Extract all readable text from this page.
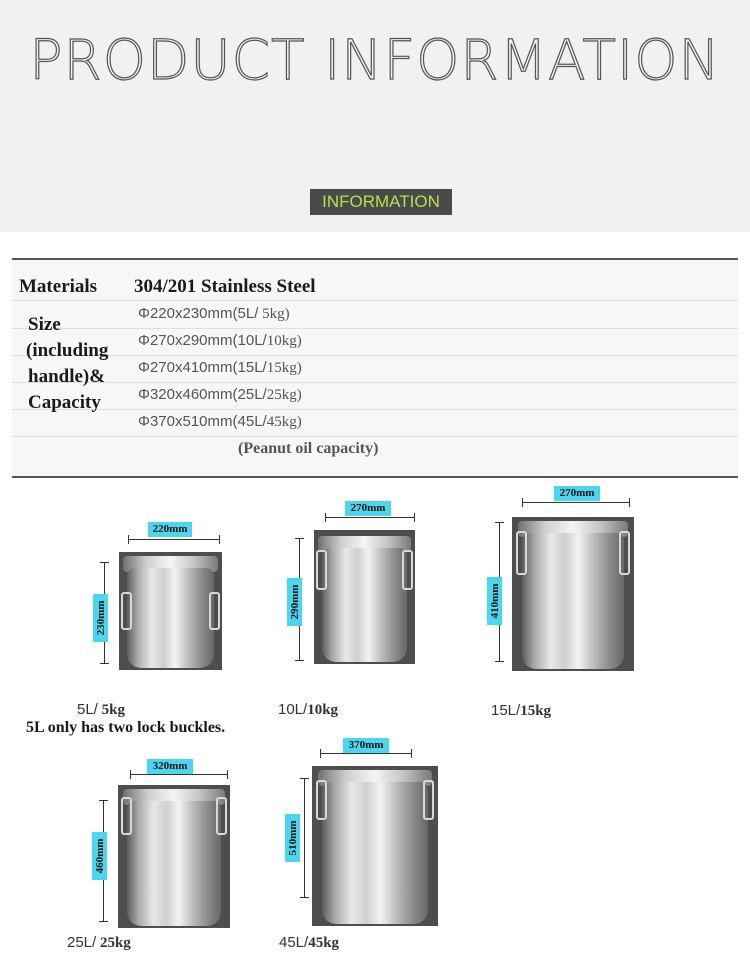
PRODUCT INFORMATION
INFORMATION
Materials 304/201 Stainless Steel
Size
(including
handle)&
Capacity
Φ220x230mm(5L/ 5kg)
Φ270x290mm(10L/10kg)
Φ270x410mm(15L/15kg)
Φ320x460mm(25L/25kg)
Φ370x510mm(45L/45kg)
(Peanut oil capacity)
220mm
230mm
5L/ 5kg
270mm
290mm
10L/10kg
270mm
410mm
15L/15kg
5L only has two lock buckles.
320mm
460mm
25L/ 25kg
370mm
510mm
45L/45kg
